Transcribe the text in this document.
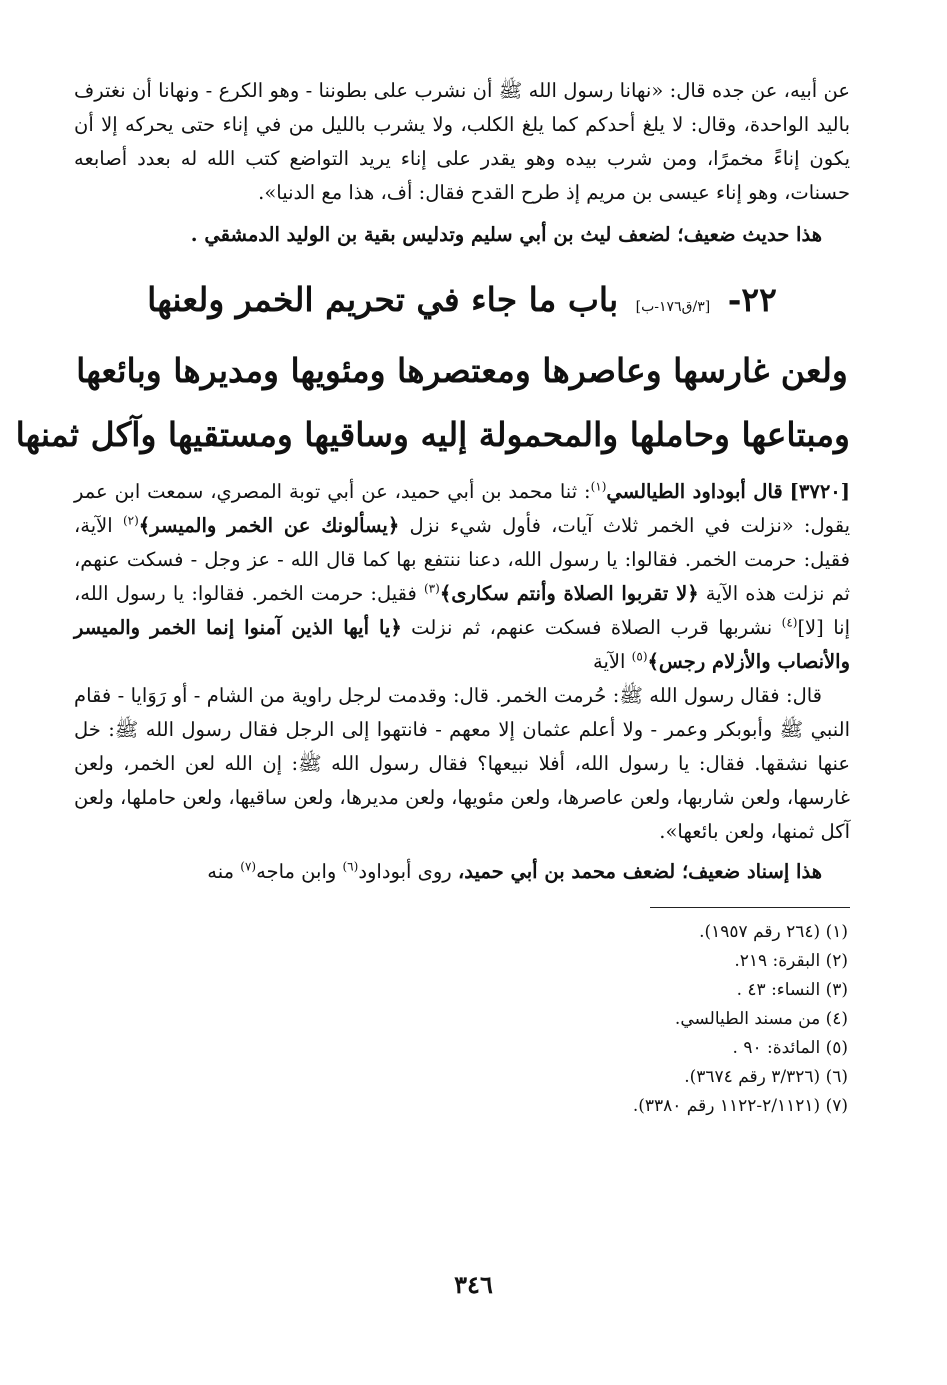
عن أبيه، عن جده قال: «نهانا رسول الله ﷺ أن نشرب على بطوننا - وهو الكرع - ونهانا أن نغترف باليد الواحدة، وقال: لا يلغ أحدكم كما يلغ الكلب، ولا يشرب بالليل من في إناء حتى يحركه إلا أن يكون إناءً مخمرًا، ومن شرب بيده وهو يقدر على إناء يريد التواضع كتب الله له بعدد أصابعه حسنات، وهو إناء عيسى بن مريم إذ طرح القدح فقال: أف، هذا مع الدنيا».

هذا حديث ضعيف؛ لضعف ليث بن أبي سليم وتدليس بقية بن الوليد الدمشقي .

٢٢- [٣/ق١٧٦-ب] باب ما جاء في تحريم الخمر ولعنها
ولعن غارسها وعاصرها ومعتصرها ومئويها ومديرها وبائعها
ومبتاعها وحاملها والمحمولة إليه وساقيها ومستقيها وآكل ثمنها

[٣٧٢٠] قال أبوداود الطيالسي$^{(١)}$: ثنا محمد بن أبي حميد، عن أبي توبة المصري، سمعت ابن عمر يقول: «نزلت في الخمر ثلاث آيات، فأول شيء نزل ﴿يسألونك عن الخمر والميسر﴾$^{(٢)}$ الآية، فقيل: حرمت الخمر. فقالوا: يا رسول الله، دعنا ننتفع بها كما قال الله - عز وجل - فسكت عنهم، ثم نزلت هذه الآية ﴿لا تقربوا الصلاة وأنتم سكارى﴾$^{(٣)}$ فقيل: حرمت الخمر. فقالوا: يا رسول الله، إنا [لا]$^{(٤)}$ نشربها قرب الصلاة فسكت عنهم، ثم نزلت ﴿يا أيها الذين آمنوا إنما الخمر والميسر والأنصاب والأزلام رجس﴾$^{(٥)}$ الآية

قال: فقال رسول الله ﷺ: حُرمت الخمر. قال: وقدمت لرجل راوية من الشام - أو رَوَايا - فقام النبي ﷺ وأبوبكر وعمر - ولا أعلم عثمان إلا معهم - فانتهوا إلى الرجل فقال رسول الله ﷺ: خل عنها نشقها. فقال: يا رسول الله، أفلا نبيعها؟ فقال رسول الله ﷺ: إن الله لعن الخمر، ولعن غارسها، ولعن شاربها، ولعن عاصرها، ولعن مئويها، ولعن مديرها، ولعن ساقيها، ولعن حاملها، ولعن آكل ثمنها، ولعن بائعها».

هذا إسناد ضعيف؛ لضعف محمد بن أبي حميد، روى أبوداود$^{(٦)}$ وابن ماجه$^{(٧)}$ منه

(١) (٢٦٤ رقم ١٩٥٧).
(٢) البقرة: ٢١٩.
(٣) النساء: ٤٣ .
(٤) من مسند الطيالسي.
(٥) المائدة: ٩٠ .
(٦) (٣/٣٢٦ رقم ٣٦٧٤).
(٧) (٢/١١٢١-١١٢٢ رقم ٣٣٨٠).
٣٤٦
